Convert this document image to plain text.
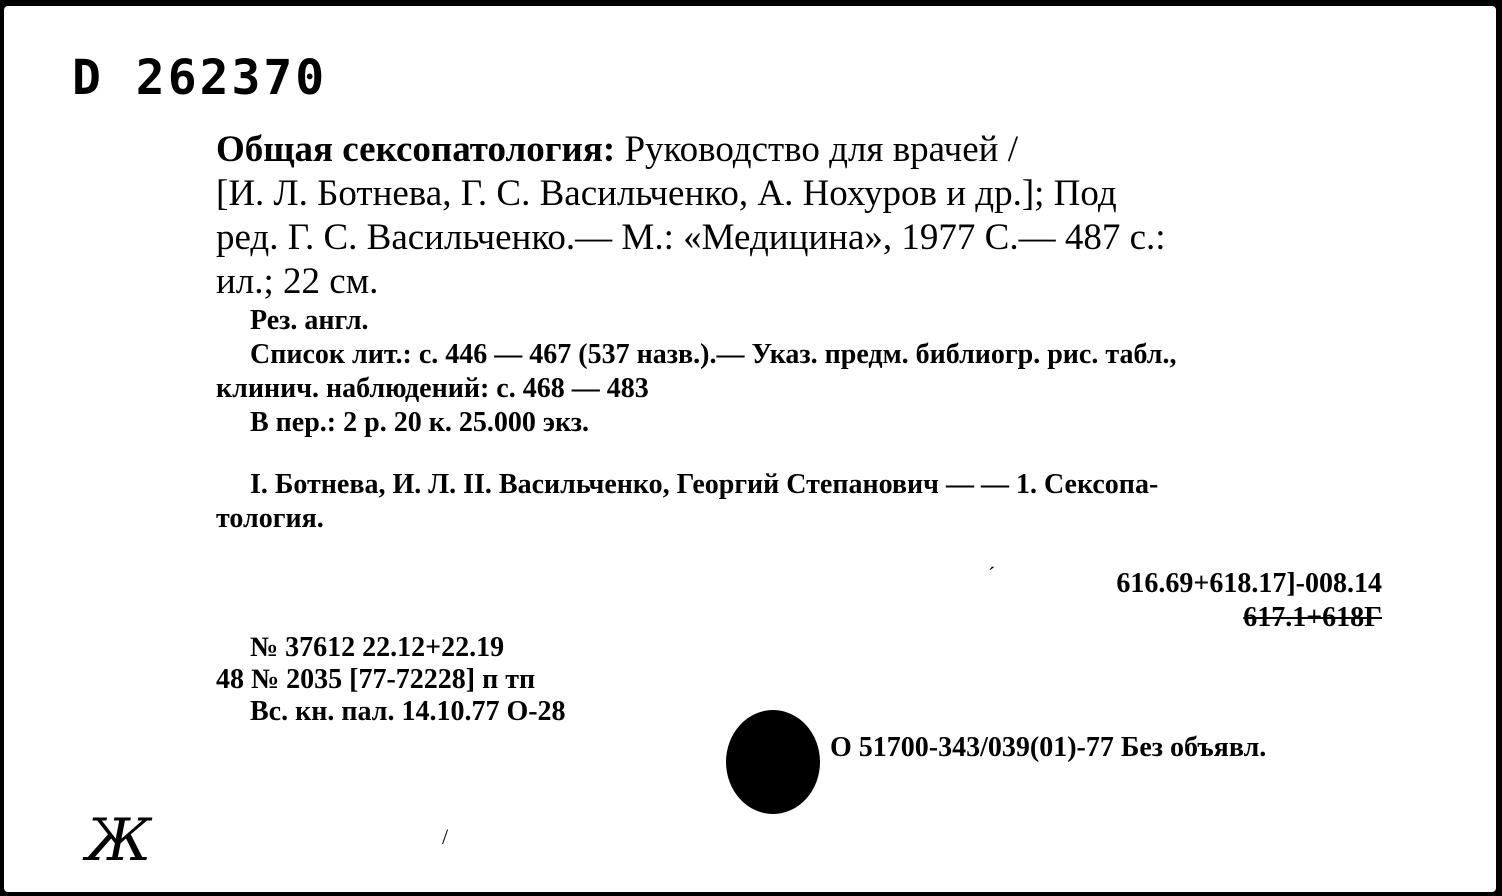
D 262370
Общая сексопатология: Руководство для врачей /
[И. Л. Ботнева, Г. С. Васильченко, А. Нохуров и др.]; Под
ред. Г. С. Васильченко.— М.: «Медицина», 1977 С.— 487 с.:
ил.; 22 см.
Рез. англ.
Список лит.: с. 446 — 467 (537 назв.).— Указ. предм. библиогр. рис. табл.,
клинич. наблюдений: с. 468 — 483
В пер.: 2 р. 20 к. 25.000 экз.
I. Ботнева, И. Л. II. Васильченко, Георгий Степанович — — 1. Сексопа-
тология.
ˊ	616.69+618.17]-008.14
617.1+618Г
№ 37612 22.12+22.19
48 № 2035 [77-72228] п тп
Вс. кн. пал. 14.10.77 О-28
О 51700-343/039(01)-77 Без объявл.
Ж	/
